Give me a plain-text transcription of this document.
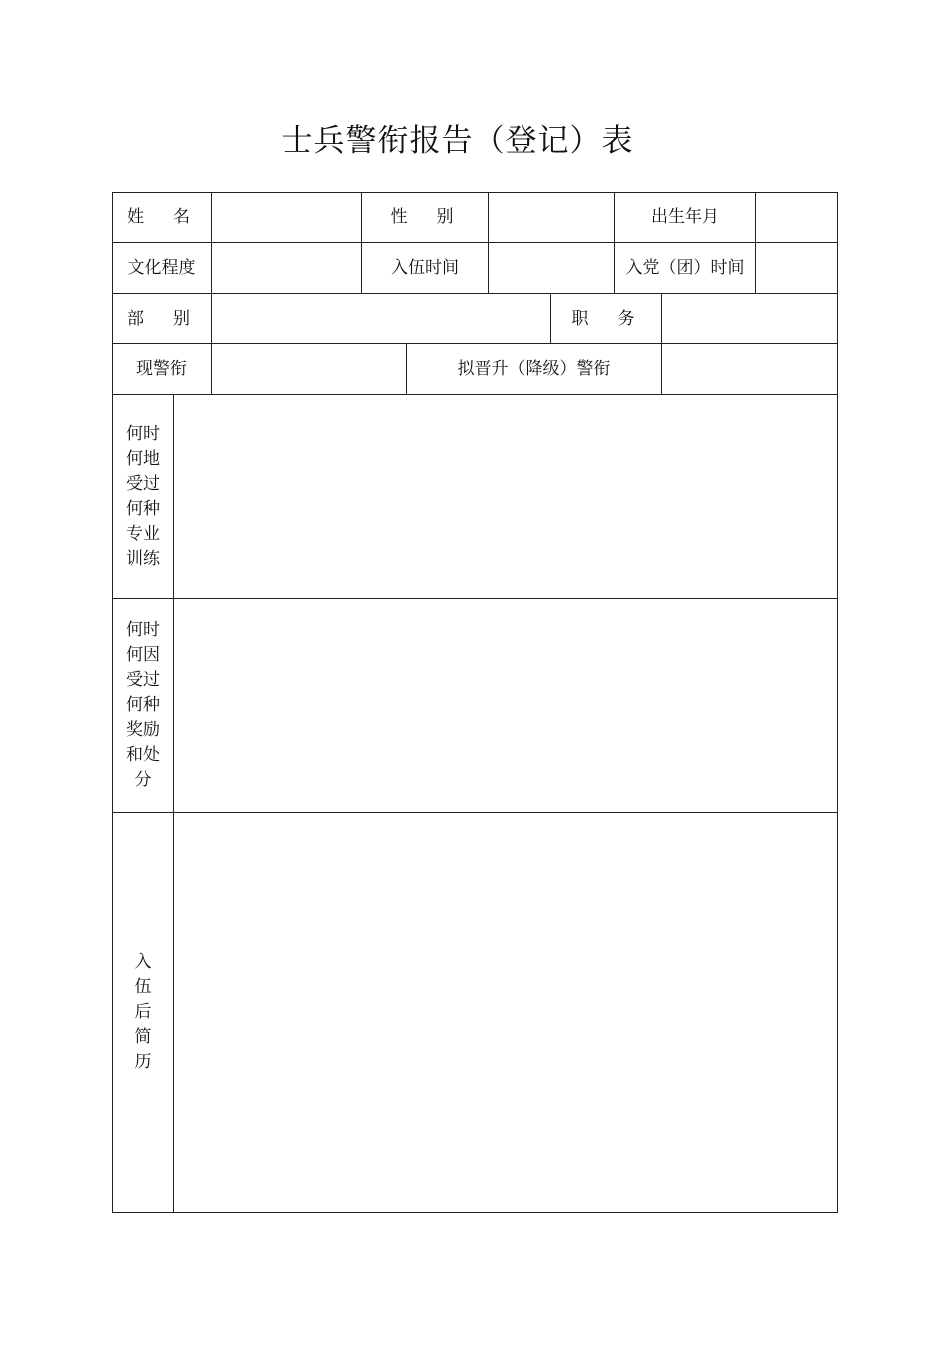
士兵警衔报告（登记）表
姓　名	性　别	出生年月
文化程度	入伍时间	入党（团）时间
部　别	职　务
现警衔	拟晋升（降级）警衔
何时何地受过何种专业训练
何时何因受过何种奖励和处分
入伍后简历
